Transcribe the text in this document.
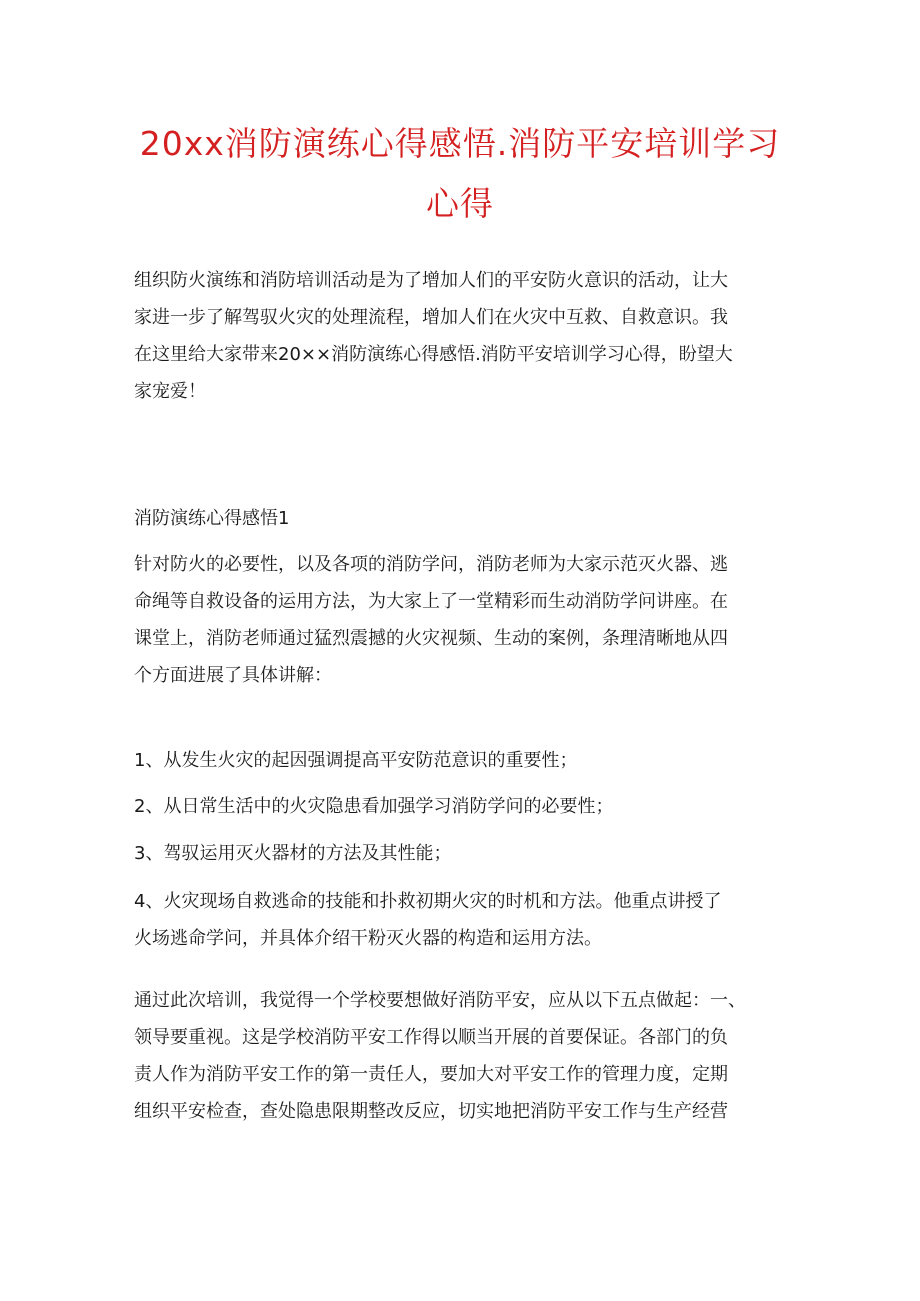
20xx消防演练心得感悟.消防平安培训学习
心得
组织防火演练和消防培训活动是为了增加人们的平安防火意识的活动，让大
家进一步了解驾驭火灾的处理流程，增加人们在火灾中互救、自救意识。我
在这里给大家带来20××消防演练心得感悟.消防平安培训学习心得，盼望大
家宠爱！
消防演练心得感悟1
针对防火的必要性，以及各项的消防学问，消防老师为大家示范灭火器、逃
命绳等自救设备的运用方法，为大家上了一堂精彩而生动消防学问讲座。在
课堂上，消防老师通过猛烈震撼的火灾视频、生动的案例，条理清晰地从四
个方面进展了具体讲解：
1、从发生火灾的起因强调提高平安防范意识的重要性；
2、从日常生活中的火灾隐患看加强学习消防学问的必要性；
3、驾驭运用灭火器材的方法及其性能；
4、火灾现场自救逃命的技能和扑救初期火灾的时机和方法。他重点讲授了
火场逃命学问，并具体介绍干粉灭火器的构造和运用方法。
通过此次培训，我觉得一个学校要想做好消防平安，应从以下五点做起：一、
领导要重视。这是学校消防平安工作得以顺当开展的首要保证。各部门的负
责人作为消防平安工作的第一责任人，要加大对平安工作的管理力度，定期
组织平安检查，查处隐患限期整改反应，切实地把消防平安工作与生产经营
